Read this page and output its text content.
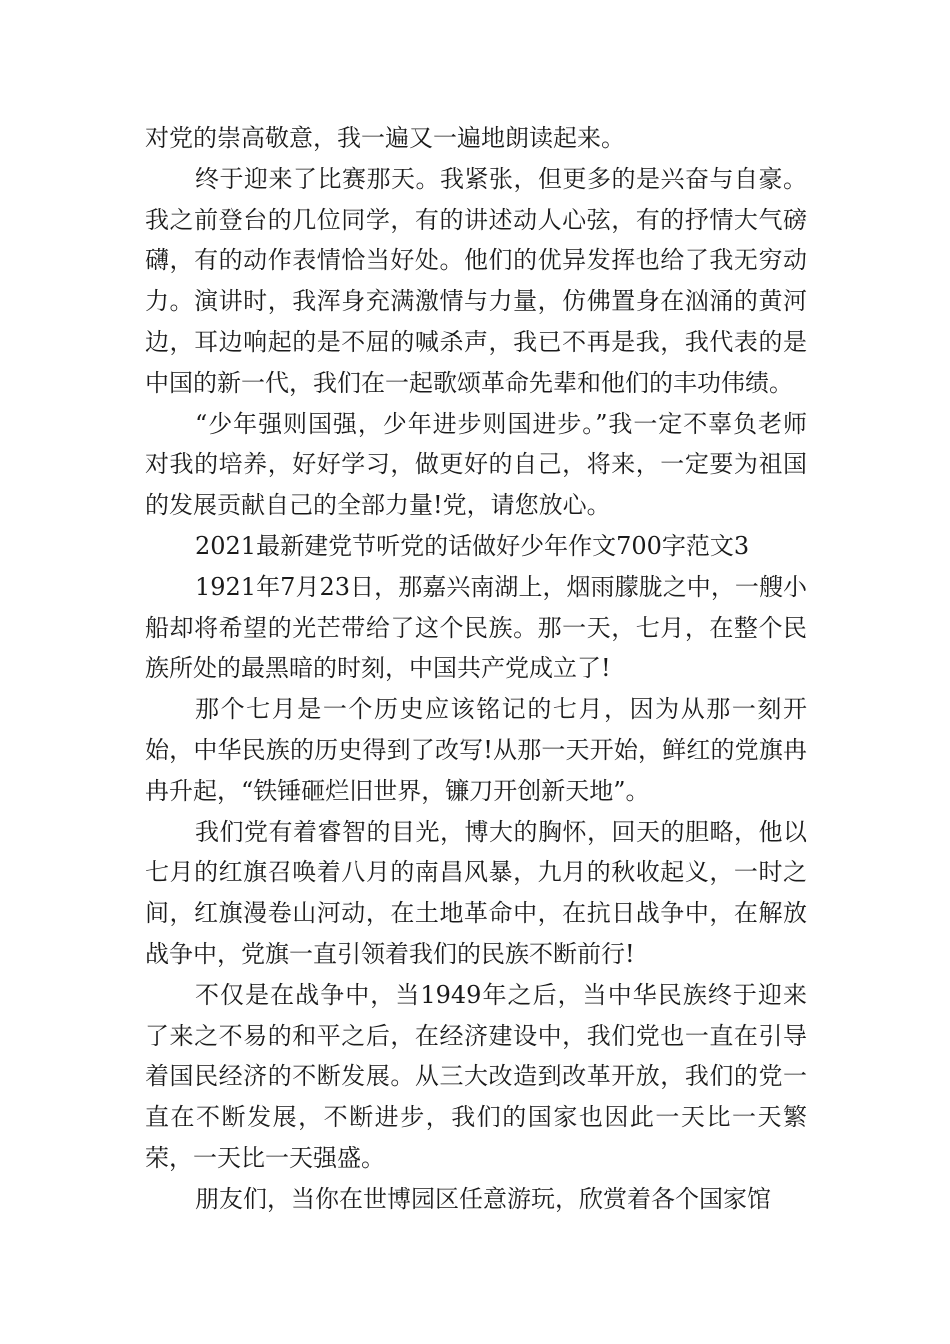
对党的崇高敬意，我一遍又一遍地朗读起来。

终于迎来了比赛那天。我紧张，但更多的是兴奋与自豪。我之前登台的几位同学，有的讲述动人心弦，有的抒情大气磅礴，有的动作表情恰当好处。他们的优异发挥也给了我无穷动力。演讲时，我浑身充满激情与力量，仿佛置身在汹涌的黄河边，耳边响起的是不屈的喊杀声，我已不再是我，我代表的是中国的新一代，我们在一起歌颂革命先辈和他们的丰功伟绩。

“少年强则国强，少年进步则国进步。”我一定不辜负老师对我的培养，好好学习，做更好的自己，将来，一定要为祖国的发展贡献自己的全部力量!党，请您放心。

2021最新建党节听党的话做好少年作文700字范文3

1921年7月23日，那嘉兴南湖上，烟雨朦胧之中，一艘小船却将希望的光芒带给了这个民族。那一天，七月，在整个民族所处的最黑暗的时刻，中国共产党成立了!

那个七月是一个历史应该铭记的七月，因为从那一刻开始，中华民族的历史得到了改写!从那一天开始，鲜红的党旗冉冉升起，“铁锤砸烂旧世界，镰刀开创新天地”。

我们党有着睿智的目光，博大的胸怀，回天的胆略，他以七月的红旗召唤着八月的南昌风暴，九月的秋收起义，一时之间，红旗漫卷山河动，在土地革命中，在抗日战争中，在解放战争中，党旗一直引领着我们的民族不断前行!

不仅是在战争中，当1949年之后，当中华民族终于迎来了来之不易的和平之后，在经济建设中，我们党也一直在引导着国民经济的不断发展。从三大改造到改革开放，我们的党一直在不断发展，不断进步，我们的国家也因此一天比一天繁荣，一天比一天强盛。

朋友们，当你在世博园区任意游玩，欣赏着各个国家馆
